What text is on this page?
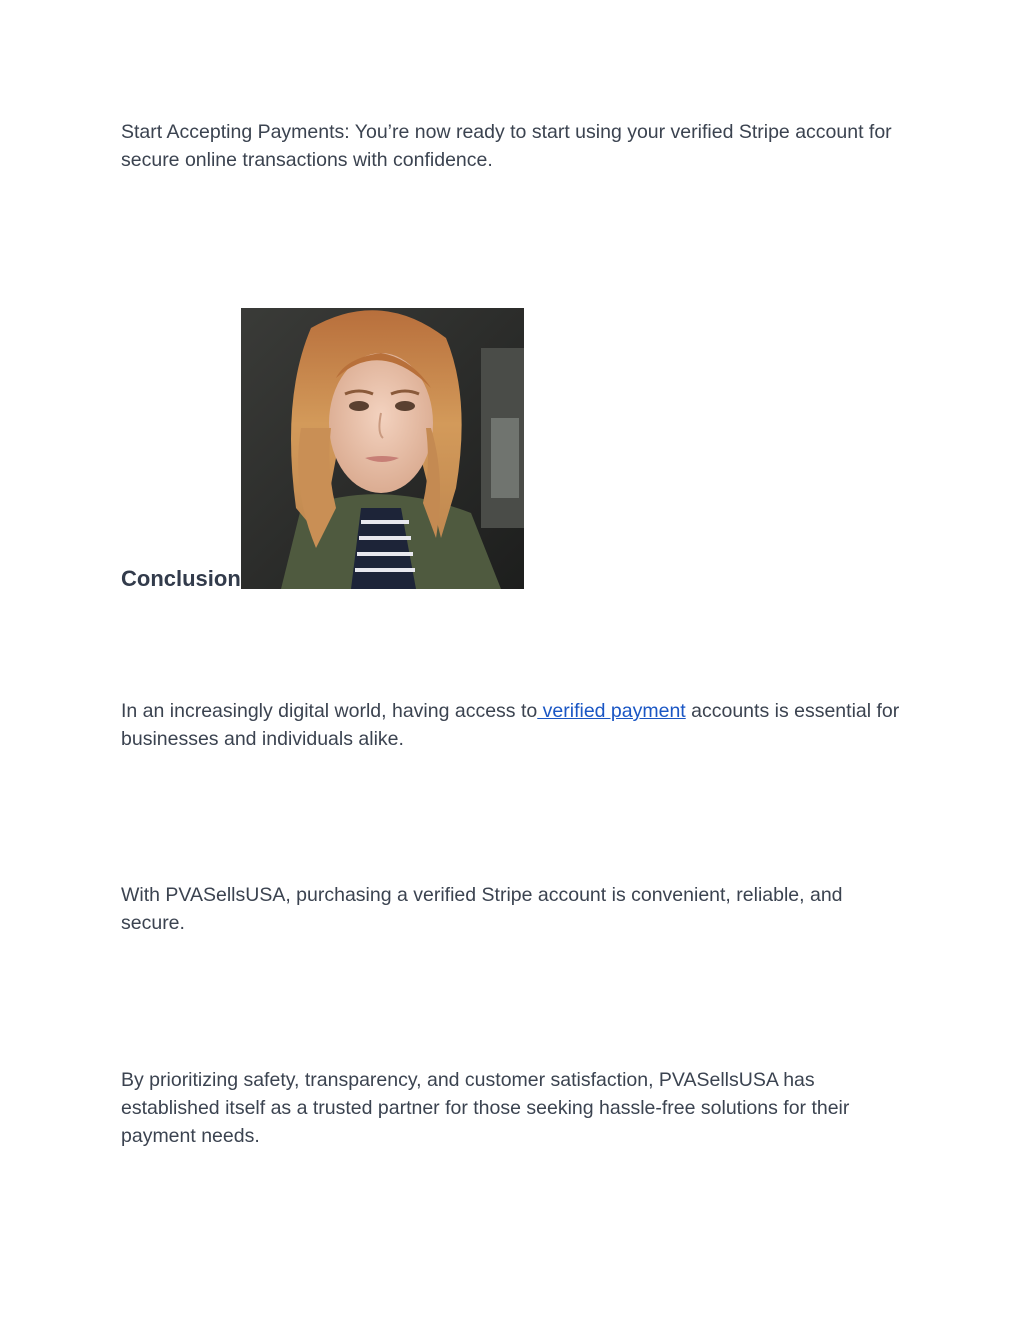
Start Accepting Payments: You’re now ready to start using your verified Stripe account for secure online transactions with confidence.

Conclusion

In an increasingly digital world, having access to verified payment accounts is essential for businesses and individuals alike.

With PVASellsUSA, purchasing a verified Stripe account is convenient, reliable, and secure.

By prioritizing safety, transparency, and customer satisfaction, PVASellsUSA has established itself as a trusted partner for those seeking hassle-free solutions for their payment needs.
